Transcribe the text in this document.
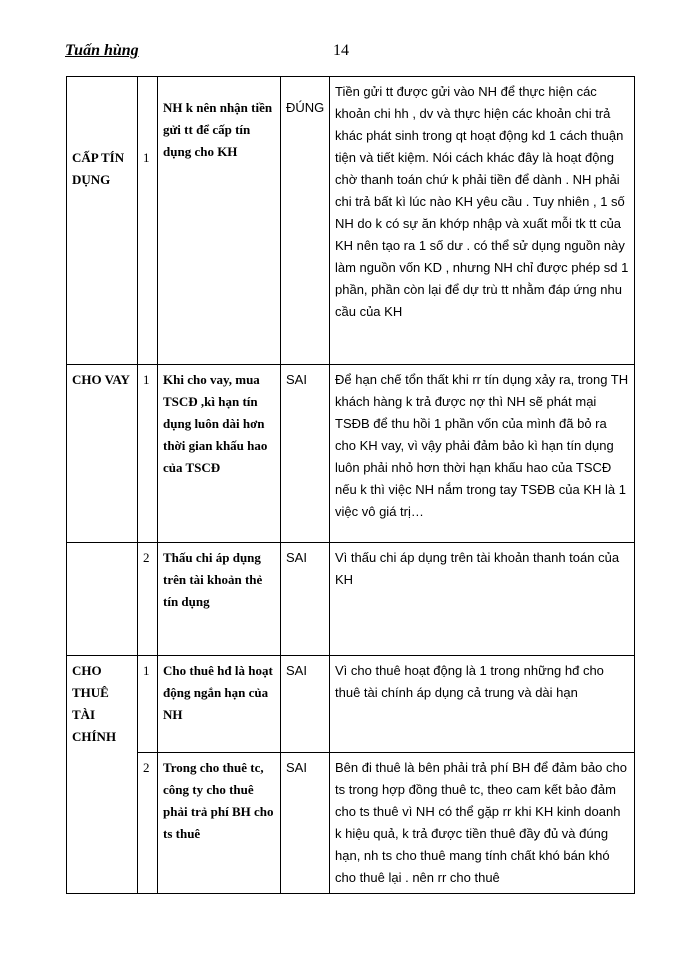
Tuấn hùng	14
CẤP TÍN DỤNG	1	NH k nên nhận tiền gửi tt để cấp tín dụng cho KH	ĐÚNG	Tiền gửi tt được gửi vào NH để thực hiện các khoản chi hh , dv và thực hiện các khoản chi trả khác phát sinh trong qt hoạt động kd 1 cách thuận tiện và tiết kiệm. Nói cách khác đây là hoạt động chờ thanh toán chứ k phải tiền để dành . NH phải chi trả bất kì lúc nào KH yêu cầu . Tuy nhiên , 1 số NH do k có sự ăn khớp nhập và xuất mỗi tk tt của KH nên tạo ra 1 số dư . có thể sử dụng nguồn này làm nguồn vốn KD , nhưng NH chỉ được phép sd 1 phần, phần còn lại để dự trù tt nhằm đáp ứng nhu cầu của KH
CHO VAY	1	Khi cho vay, mua TSCĐ ,kì hạn tín dụng luôn dài hơn thời gian khấu hao của TSCĐ	SAI	Để hạn chế tổn thất khi rr tín dụng xảy ra, trong TH khách hàng k trả được nợ thì NH sẽ phát mại TSĐB để thu hồi 1 phần vốn của mình đã bỏ ra cho KH vay, vì vậy phải đảm bảo kì hạn tín dụng luôn phải nhỏ hơn thời hạn khấu hao của TSCĐ nếu k thì việc NH nắm trong tay TSĐB của KH là 1 việc vô giá trị…
	2	Thấu chi áp dụng trên tài khoản thẻ tín dụng	SAI	Vì thấu chi áp dụng trên tài khoản thanh toán của KH
CHO THUÊ TÀI CHÍNH	1	Cho thuê hđ là hoạt động ngắn hạn của NH	SAI	Vì cho thuê hoạt động là 1 trong những hđ cho thuê tài chính áp dụng cả trung và dài hạn
	2	Trong cho thuê tc, công ty cho thuê phải trả phí BH cho ts thuê	SAI	Bên đi thuê là bên phải trả phí BH để đảm bảo cho ts trong hợp đồng thuê tc, theo cam kết bảo đảm cho ts thuê vì NH có thể gặp rr khi KH kinh doanh k hiệu quả, k trả được tiền thuê đầy đủ và đúng hạn, nh ts cho thuê mang tính chất khó bán khó cho thuê lại . nên rr cho thuê
